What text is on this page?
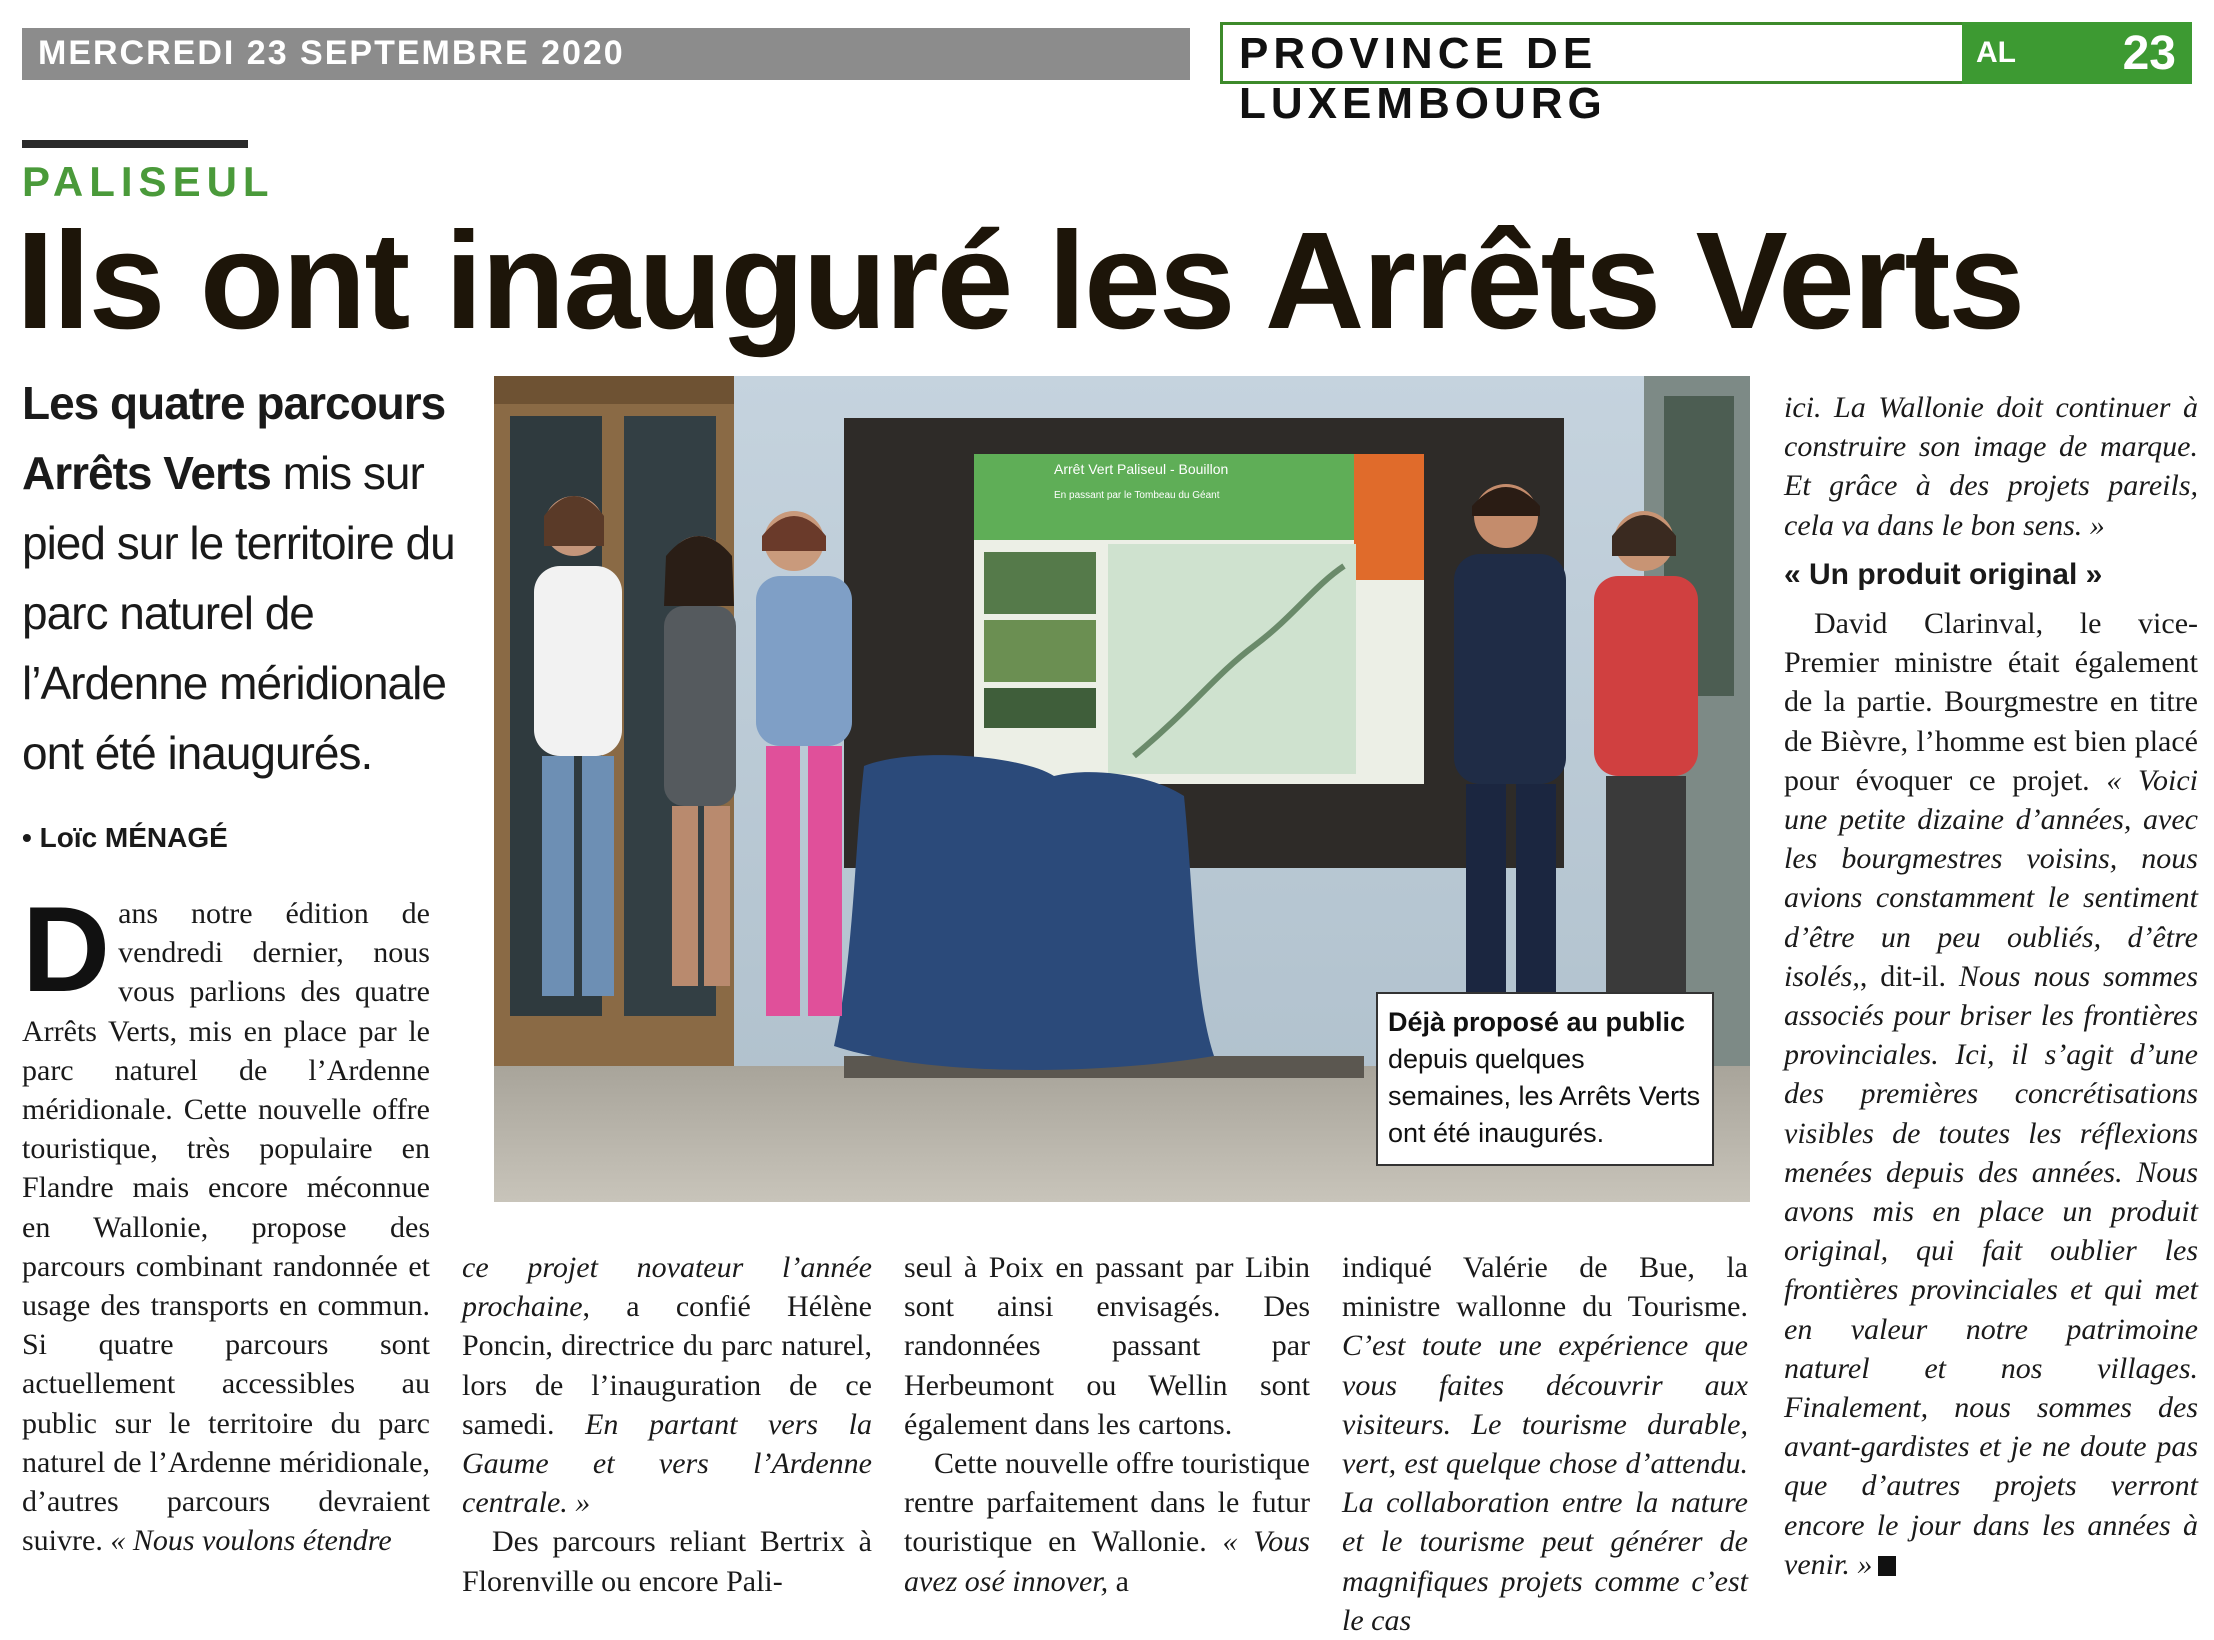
MERCREDI 23 SEPTEMBRE 2020	PROVINCE DE LUXEMBOURG
AL 23
PALISEUL
Ils ont inauguré les Arrêts Verts
Les quatre parcours Arrêts Verts mis sur pied sur le territoire du parc naturel de l’Ardenne méridionale ont été inaugurés.
• Loïc MÉNAGÉ

Dans notre édition de vendredi dernier, nous vous parlions des quatre Arrêts Verts, mis en place par le parc naturel de l’Ardenne méridionale. Cette nouvelle offre touristique, très populaire en Flandre mais encore méconnue en Wallonie, propose des parcours combinant randonnée et usage des transports en commun. Si quatre parcours sont actuellement accessibles au public sur le territoire du parc naturel de l’Ardenne méridionale, d’autres parcours devraient suivre. « Nous voulons étendre

Arrêt Vert Paliseul - Bouillon
En passant par le Tombeau du Géant
Déjà proposé au public depuis quelques semaines, les Arrêts Verts ont été inaugurés.

ce projet novateur l’année prochaine, a confié Hélène Poncin, directrice du parc naturel, lors de l’inauguration de ce samedi. En partant vers la Gaume et vers l’Ardenne centrale. »

Des parcours reliant Bertrix à Florenville ou encore Pali-

seul à Poix en passant par Libin sont ainsi envisagés. Des randonnées passant par Herbeumont ou Wellin sont également dans les cartons.

Cette nouvelle offre touristique rentre parfaitement dans le futur touristique en Wallonie. « Vous avez osé innover, a

indiqué Valérie de Bue, la ministre wallonne du Tourisme. C’est toute une expérience que vous faites découvrir aux visiteurs. Le tourisme durable, vert, est quelque chose d’attendu. La collaboration entre la nature et le tourisme peut générer de magnifiques projets comme c’est le cas

ici. La Wallonie doit continuer à construire son image de marque. Et grâce à des projets pareils, cela va dans le bon sens. »

« Un produit original »

David Clarinval, le vice-Premier ministre était également de la partie. Bourgmestre en titre de Bièvre, l’homme est bien placé pour évoquer ce projet. « Voici une petite dizaine d’années, avec les bourgmestres voisins, nous avions constamment le sentiment d’être un peu oubliés, d’être isolés,, dit-il. Nous nous sommes associés pour briser les frontières provinciales. Ici, il s’agit d’une des premières concrétisations visibles de toutes les réflexions menées depuis des années. Nous avons mis en place un produit original, qui fait oublier les frontières provinciales et qui met en valeur notre patrimoine naturel et nos villages. Finalement, nous sommes des avant-gardistes et je ne doute pas que d’autres projets verront encore le jour dans les années à venir. »
